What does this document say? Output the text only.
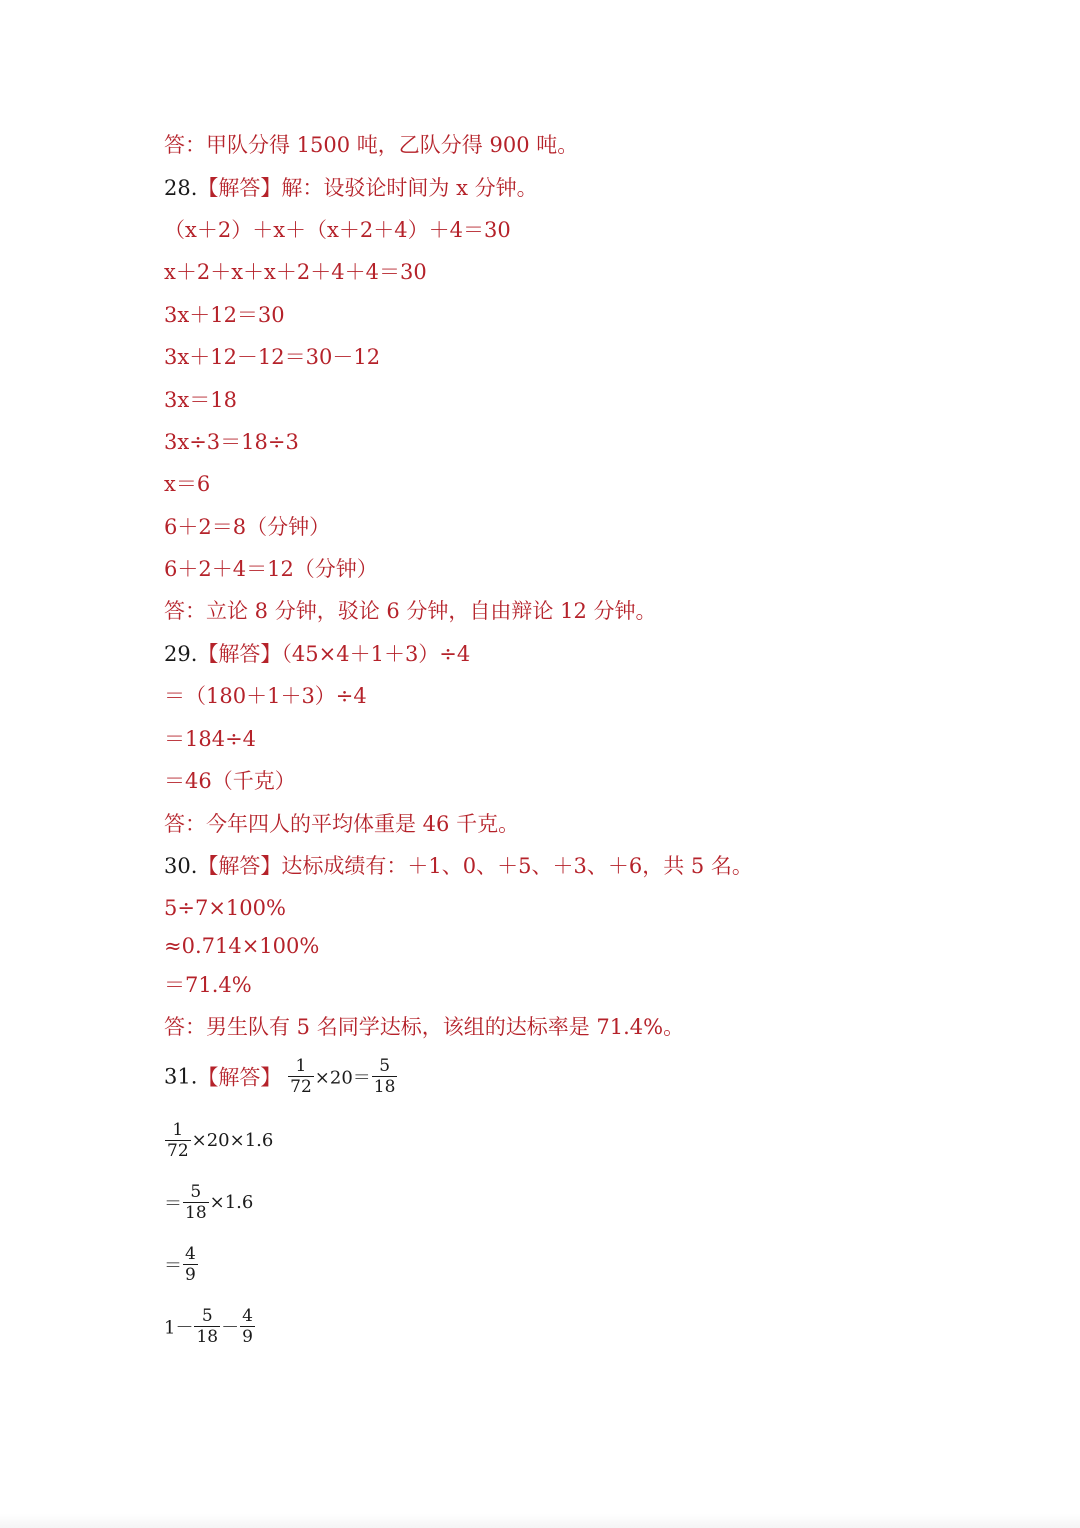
答：甲队分得 1500 吨，乙队分得 900 吨。
28.【解答】解：设驳论时间为 x 分钟。
（x＋2）＋x＋（x＋2＋4）＋4＝30
x＋2＋x＋x＋2＋4＋4＝30
3x＋12＝30
3x＋12－12＝30－12
3x＝18
3x÷3＝18÷3
x＝6
6＋2＝8（分钟）
6＋2＋4＝12（分钟）
答：立论 8 分钟，驳论 6 分钟，自由辩论 12 分钟。
29.【解答】（45×4＋1＋3）÷4
＝（180＋1＋3）÷4
＝184÷4
＝46（千克）
答：今年四人的平均体重是 46 千克。
30.【解答】达标成绩有：＋1、0、＋5、＋3、＋6，共 5 名。
5÷7×100%
≈0.714×100%
＝71.4%
答：男生队有 5 名同学达标，该组的达标率是 71.4%。
31.【解答】 $\frac{1}{72} \times 20= \frac{5}{18}$
$\frac{1}{72} \times 20\times 1.6$
＝ $\frac{5}{18} \times 1.6$
＝ $\frac{4}{9}$
$1- \frac{5}{18} - \frac{4}{9}$
